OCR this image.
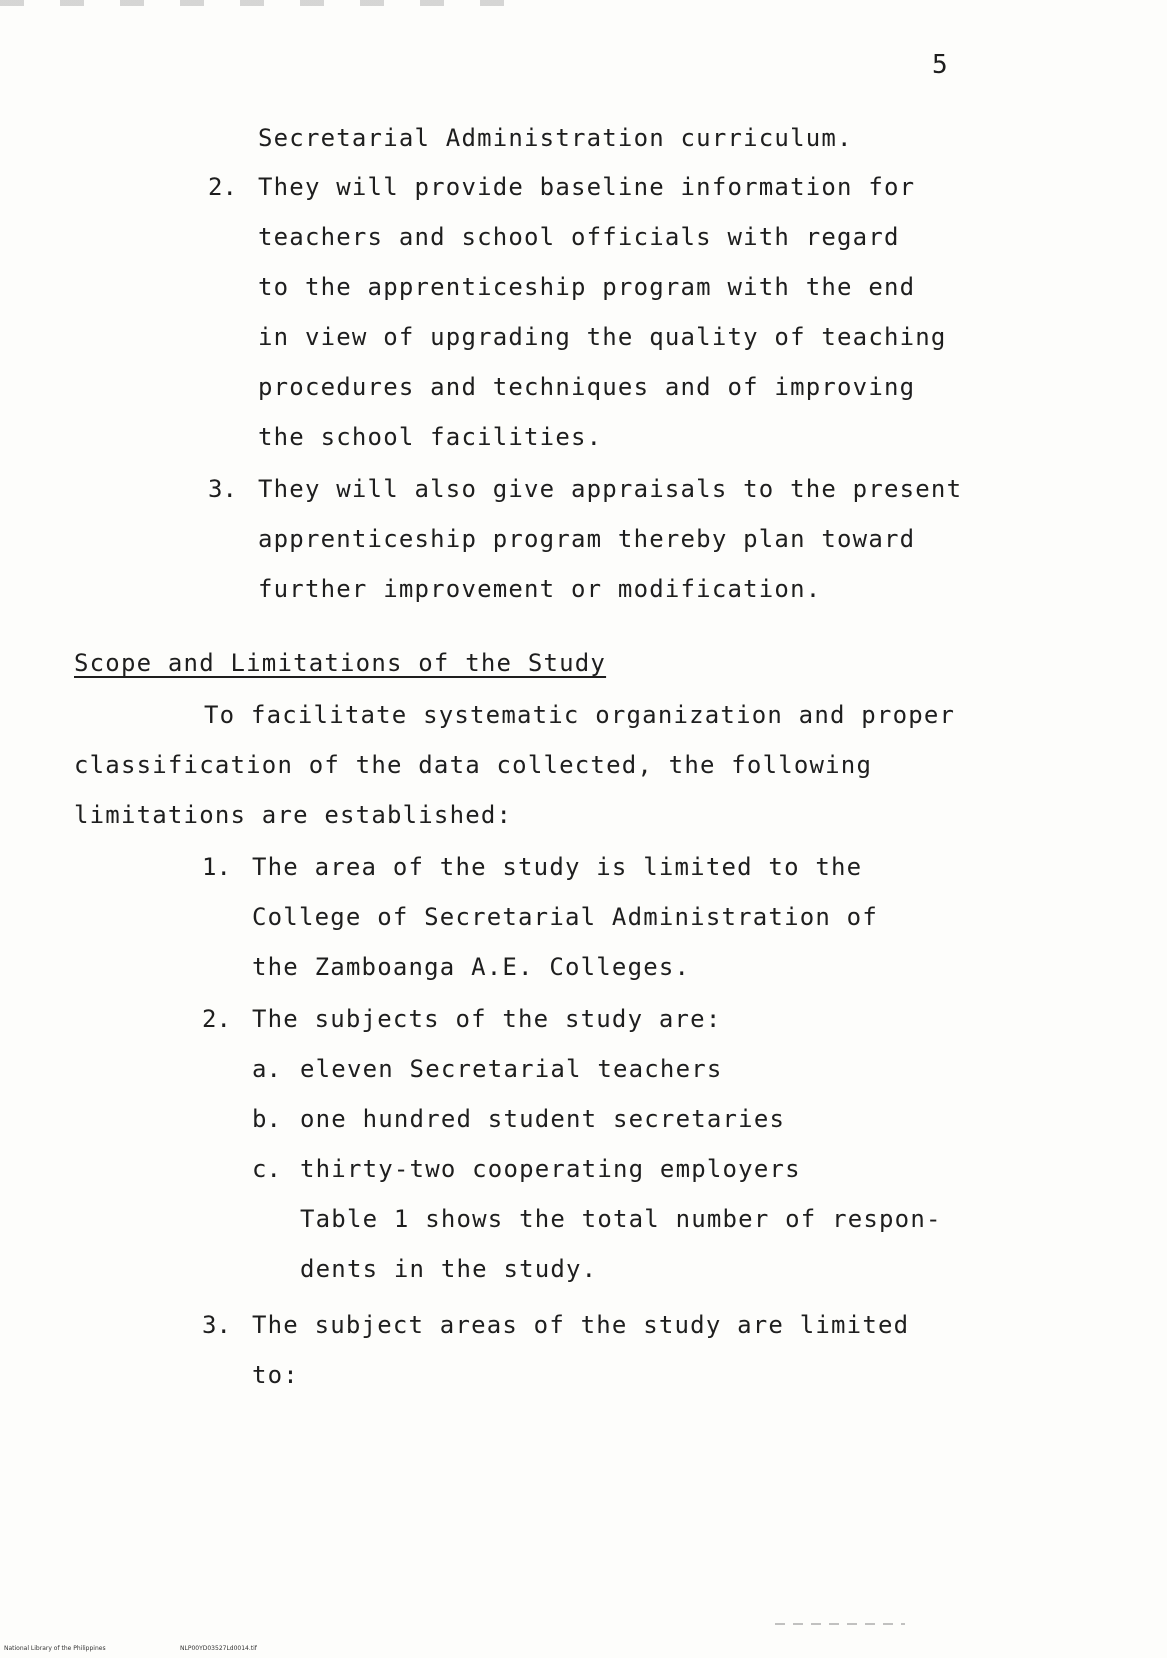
5
Secretarial Administration curriculum.
2. They will provide baseline information for
teachers and school officials with regard
to the apprenticeship program with the end
in view of upgrading the quality of teaching
procedures and techniques and of improving
the school facilities.
3. They will also give appraisals to the present
apprenticeship program thereby plan toward
further improvement or modification.
Scope and Limitations of the Study
To facilitate systematic organization and proper
classification of the data collected, the following
limitations are established:
1. The area of the study is limited to the
College of Secretarial Administration of
the Zamboanga A.E. Colleges.
2. The subjects of the study are:
a. eleven Secretarial teachers
b. one hundred student secretaries
c. thirty-two cooperating employers
Table 1 shows the total number of respon-
dents in the study.
3. The subject areas of the study are limited
to:
National Library of the Philippines	NLP00YD03527Ld0014.tif
